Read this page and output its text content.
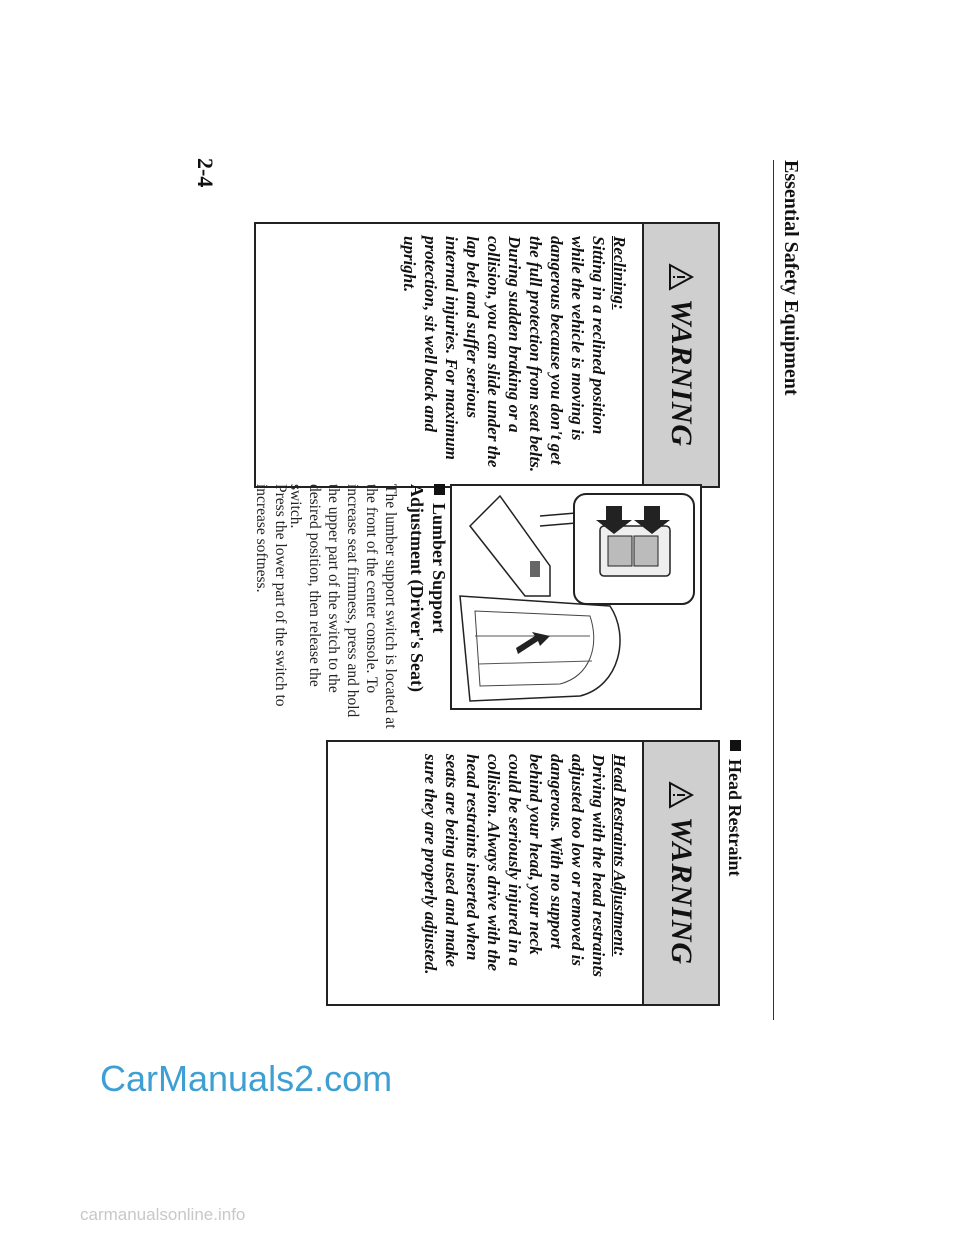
Essential Safety Equipment
2-4
WARNING
Reclining:
Sitting in a reclined position while the vehicle is moving is dangerous because you don't get the full protection from seat belts. During sudden braking or a collision, you can slide under the lap belt and suffer serious internal injuries. For maximum protection, sit well back and upright.
Lumber Support Adjustment (Driver's Seat)
The lumber support switch is located at the front of the center console. To increase seat firmness, press and hold the upper part of the switch to the desired position, then release the switch.
Press the lower part of the switch to increase softness.
Head Restraint
WARNING
Head Restraints Adjustment:
Driving with the head restraints adjusted too low or removed is dangerous. With no support behind your head, your neck could be seriously injured in a collision. Always drive with the head restraints inserted when seats are being used and make sure they are properly adjusted.
CarManuals2.com
carmanualsonline.info
